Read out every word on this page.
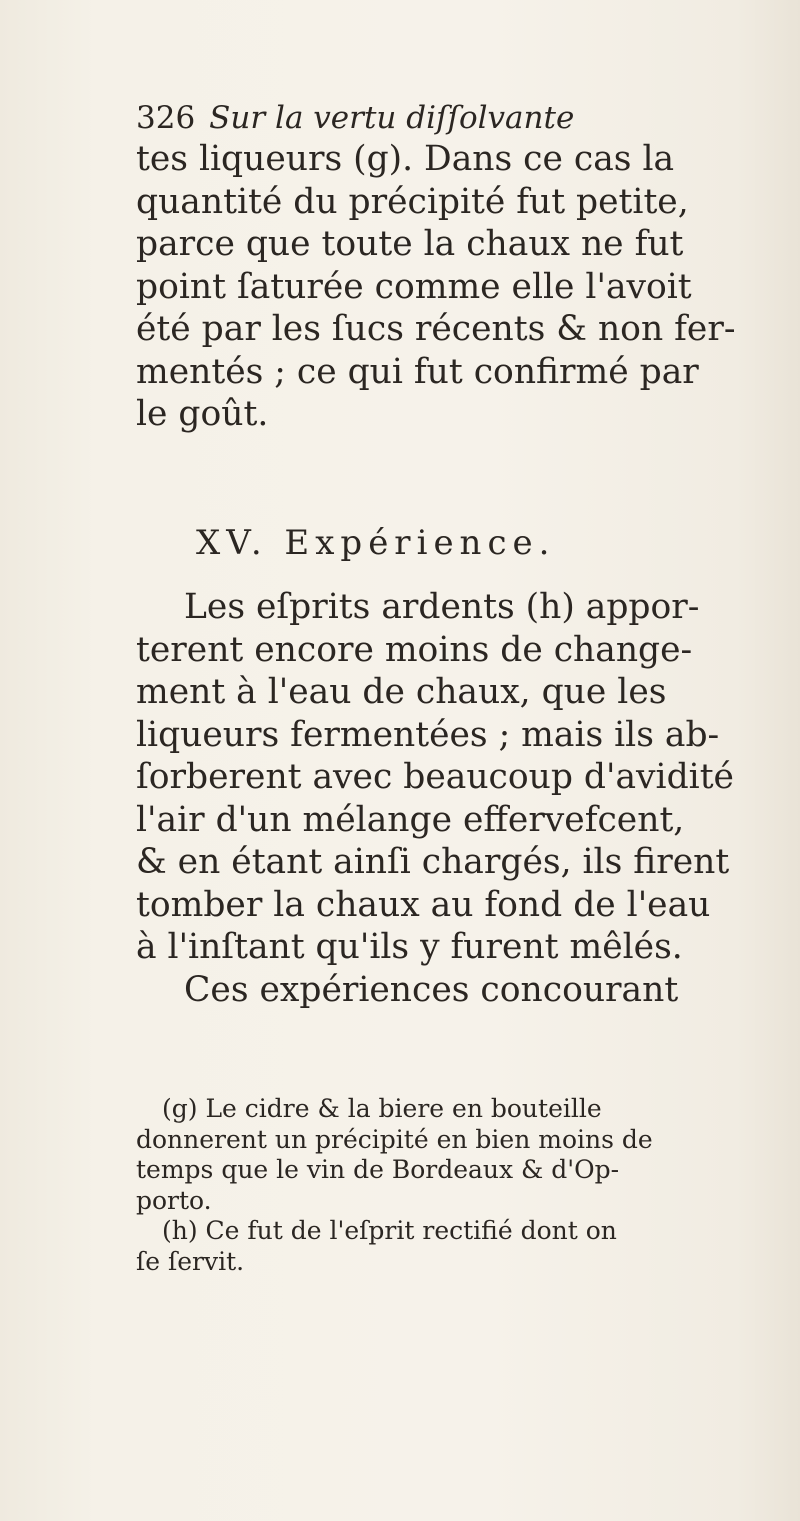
326 Sur la vertu diſſolvante
tes liqueurs (g). Dans ce cas la
quantité du précipité fut petite,
parce que toute la chaux ne fut
point ſaturée comme elle l'avoit
été par les ſucs récents & non fer-
mentés ; ce qui fut confirmé par
le goût.
XV. Expérience.
Les eſprits ardents (h) appor-
terent encore moins de change-
ment à l'eau de chaux, que les
liqueurs fermentées ; mais ils ab-
ſorberent avec beaucoup d'avidité
l'air d'un mélange effervefcent,
& en étant ainſi chargés, ils firent
tomber la chaux au fond de l'eau
à l'inſtant qu'ils y furent mêlés.
Ces expériences concourant
(g) Le cidre & la biere en bouteille
donnerent un précipité en bien moins de
temps que le vin de Bordeaux & d'Op-
porto.
(h) Ce fut de l'eſprit rectifié dont on
ſe ſervit.
